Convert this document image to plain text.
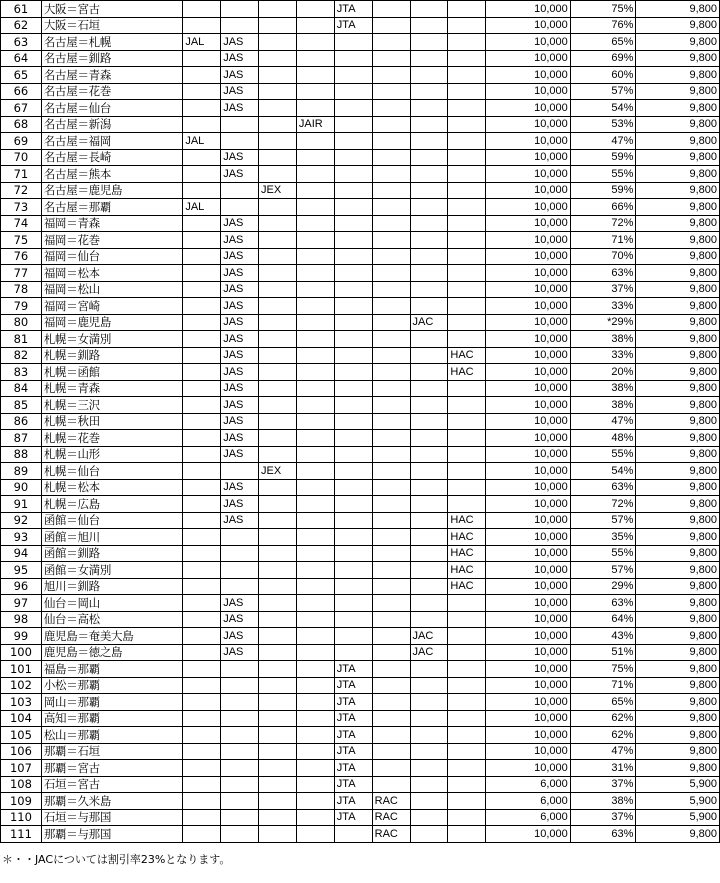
61	大阪＝宮古					JTA				10,000	75%	9,800
62	大阪＝石垣					JTA				10,000	76%	9,800
63	名古屋＝札幌	JAL	JAS							10,000	65%	9,800
64	名古屋＝釧路		JAS							10,000	69%	9,800
65	名古屋＝青森		JAS							10,000	60%	9,800
66	名古屋＝花巻		JAS							10,000	57%	9,800
67	名古屋＝仙台		JAS							10,000	54%	9,800
68	名古屋＝新潟				JAIR					10,000	53%	9,800
69	名古屋＝福岡	JAL								10,000	47%	9,800
70	名古屋＝長崎		JAS							10,000	59%	9,800
71	名古屋＝熊本		JAS							10,000	55%	9,800
72	名古屋＝鹿児島			JEX						10,000	59%	9,800
73	名古屋＝那覇	JAL								10,000	66%	9,800
74	福岡＝青森		JAS							10,000	72%	9,800
75	福岡＝花巻		JAS							10,000	71%	9,800
76	福岡＝仙台		JAS							10,000	70%	9,800
77	福岡＝松本		JAS							10,000	63%	9,800
78	福岡＝松山		JAS							10,000	37%	9,800
79	福岡＝宮崎		JAS							10,000	33%	9,800
80	福岡＝鹿児島		JAS					JAC		10,000	*29%	9,800
81	札幌＝女満別		JAS							10,000	38%	9,800
82	札幌＝釧路		JAS						HAC	10,000	33%	9,800
83	札幌＝函館		JAS						HAC	10,000	20%	9,800
84	札幌＝青森		JAS							10,000	38%	9,800
85	札幌＝三沢		JAS							10,000	38%	9,800
86	札幌＝秋田		JAS							10,000	47%	9,800
87	札幌＝花巻		JAS							10,000	48%	9,800
88	札幌＝山形		JAS							10,000	55%	9,800
89	札幌＝仙台			JEX						10,000	54%	9,800
90	札幌＝松本		JAS							10,000	63%	9,800
91	札幌＝広島		JAS							10,000	72%	9,800
92	函館＝仙台		JAS						HAC	10,000	57%	9,800
93	函館＝旭川								HAC	10,000	35%	9,800
94	函館＝釧路								HAC	10,000	55%	9,800
95	函館＝女満別								HAC	10,000	57%	9,800
96	旭川＝釧路								HAC	10,000	29%	9,800
97	仙台＝岡山		JAS							10,000	63%	9,800
98	仙台＝高松		JAS							10,000	64%	9,800
99	鹿児島＝奄美大島		JAS					JAC		10,000	43%	9,800
100	鹿児島＝徳之島		JAS					JAC		10,000	51%	9,800
101	福島＝那覇					JTA				10,000	75%	9,800
102	小松＝那覇					JTA				10,000	71%	9,800
103	岡山＝那覇					JTA				10,000	65%	9,800
104	高知＝那覇					JTA				10,000	62%	9,800
105	松山＝那覇					JTA				10,000	62%	9,800
106	那覇＝石垣					JTA				10,000	47%	9,800
107	那覇＝宮古					JTA				10,000	31%	9,800
108	石垣＝宮古					JTA				6,000	37%	5,900
109	那覇＝久米島					JTA	RAC			6,000	38%	5,900
110	石垣＝与那国					JTA	RAC			6,000	37%	5,900
111	那覇＝与那国						RAC			10,000	63%	9,800
＊・・JACについては割引率23%となります。
